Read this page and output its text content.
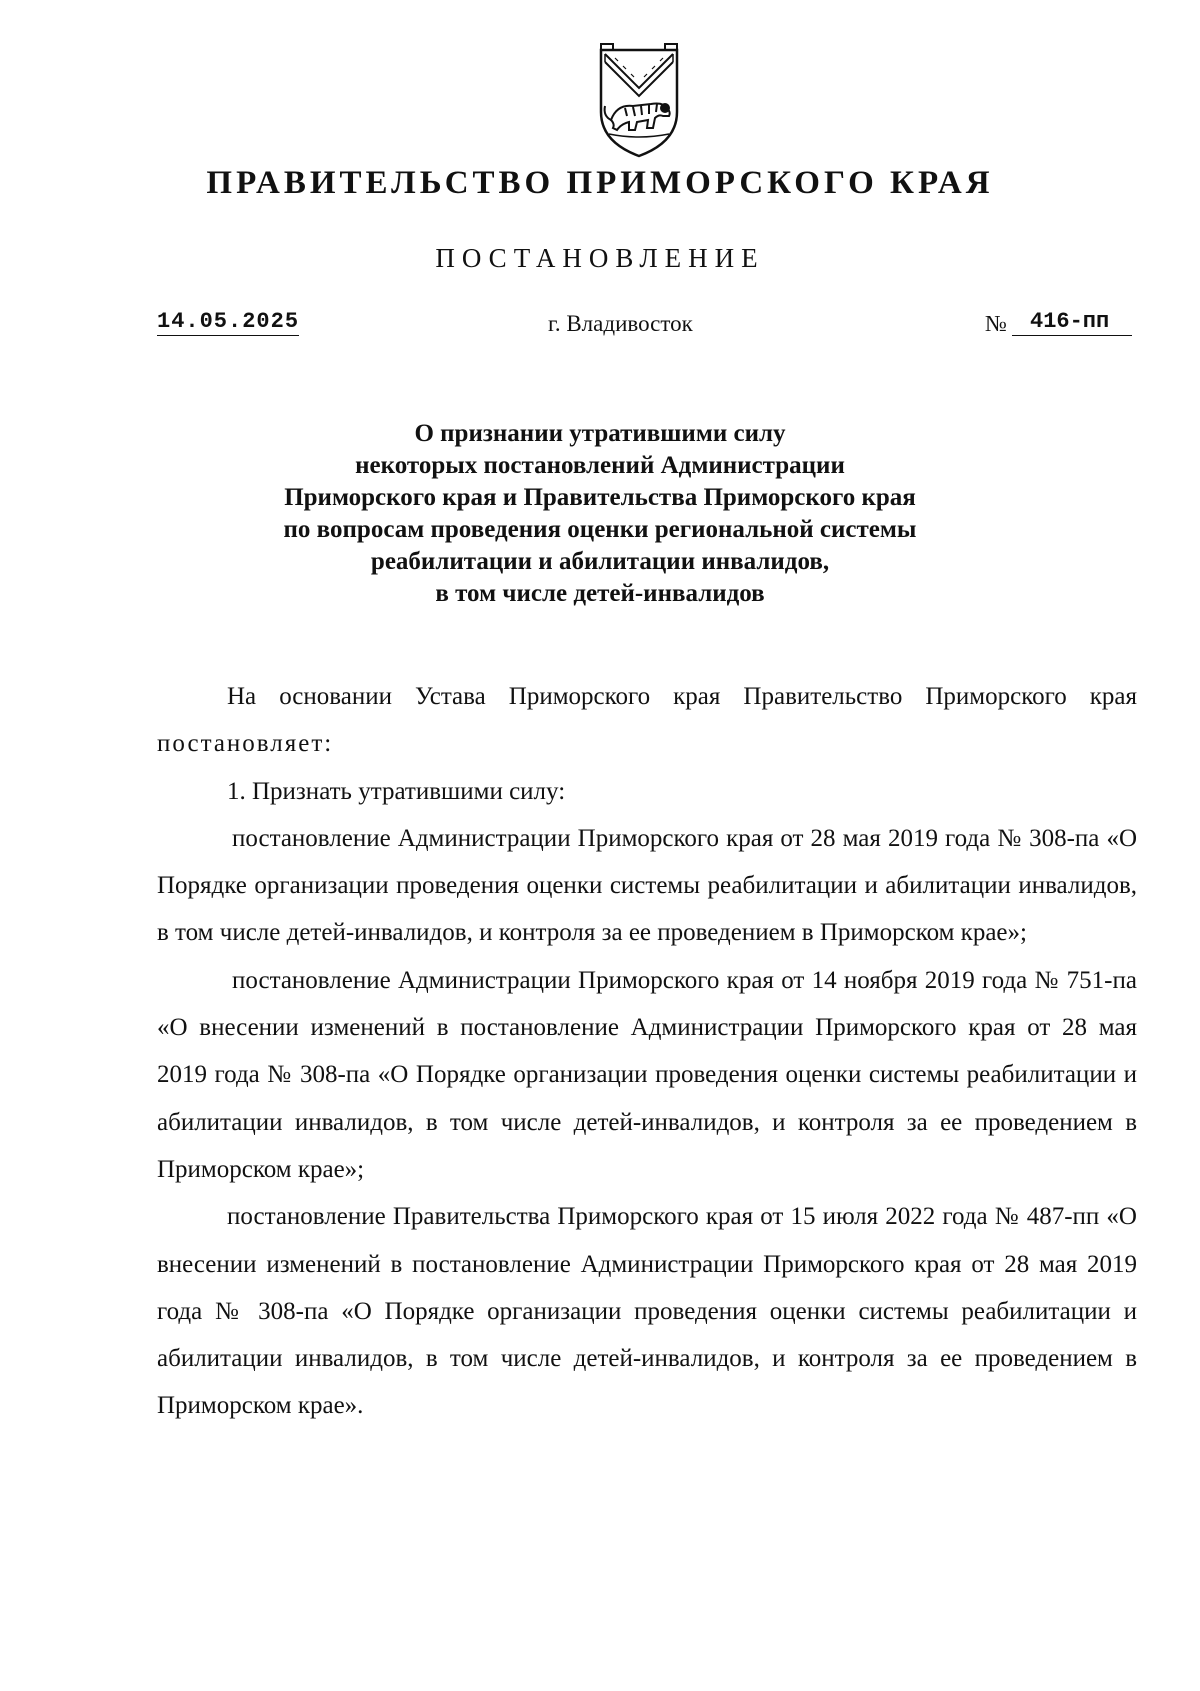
ПРАВИТЕЛЬСТВО ПРИМОРСКОГО КРАЯ
ПОСТАНОВЛЕНИЕ
14.05.2025	г. Владивосток	№	416-пп
О признании утратившими силу
некоторых постановлений Администрации
Приморского края и Правительства Приморского края
по вопросам проведения оценки региональной системы
реабилитации и абилитации инвалидов,
в том числе детей-инвалидов

На основании Устава Приморского края Правительство Приморского края постановляет:

1. Признать утратившими силу:

постановление Администрации Приморского края от 28 мая 2019 года № 308-па «О Порядке организации проведения оценки системы реабилитации и абилитации инвалидов, в том числе детей-инвалидов, и контроля за ее проведением в Приморском крае»;

постановление Администрации Приморского края от 14 ноября 2019 года № 751-па «О внесении изменений в постановление Администрации Приморского края от 28 мая 2019 года № 308-па «О Порядке организации проведения оценки системы реабилитации и абилитации инвалидов, в том числе детей-инвалидов, и контроля за ее проведением в Приморском крае»;

постановление Правительства Приморского края от 15 июля 2022 года № 487-пп «О внесении изменений в постановление Администрации Приморского края от 28 мая 2019 года № 308-па «О Порядке организации проведения оценки системы реабилитации и абилитации инвалидов, в том числе детей-инвалидов, и контроля за ее проведением в Приморском крае».
